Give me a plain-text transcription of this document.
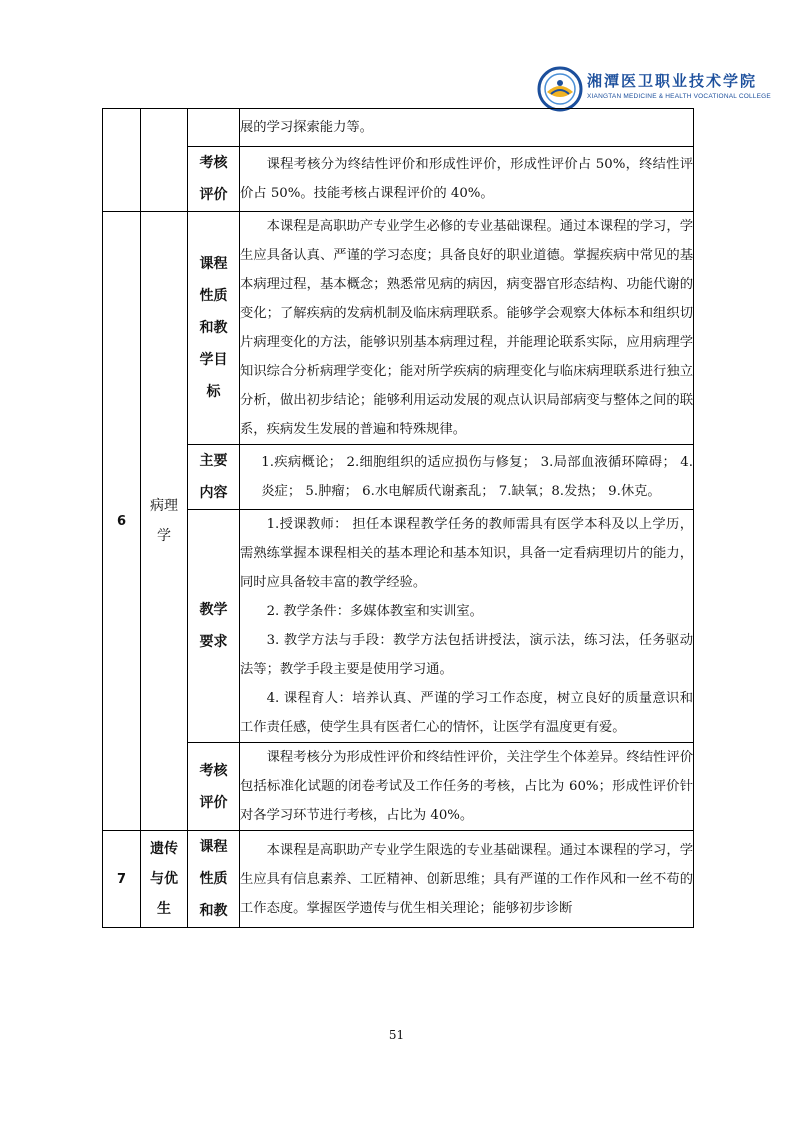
湘潭医卫职业技术学院
XIANGTAN MEDICINE & HEALTH VOCATIONAL COLLEGE

			展的学习探索能力等。

		考核评价	课程考核分为终结性评价和形成性评价，形成性评价占 50%，终结性评价占 50%。技能考核占课程评价的 40%。

6	病理学	课程性质和教学目标	本课程是高职助产专业学生必修的专业基础课程。通过本课程的学习，学生应具备认真、严谨的学习态度；具备良好的职业道德。掌握疾病中常见的基本病理过程，基本概念；熟悉常见病的病因，病变器官形态结构、功能代谢的变化；了解疾病的发病机制及临床病理联系。能够学会观察大体标本和组织切片病理变化的方法，能够识别基本病理过程，并能理论联系实际，应用病理学知识综合分析病理学变化；能对所学疾病的病理变化与临床病理联系进行独立分析，做出初步结论；能够利用运动发展的观点认识局部病变与整体之间的联系，疾病发生发展的普遍和特殊规律。

		主要内容	1.疾病概论； 2.细胞组织的适应损伤与修复； 3.局部血液循环障碍； 4.炎症； 5.肿瘤； 6.水电解质代谢紊乱； 7.缺氧；8.发热； 9.休克。

		教学要求	1.授课教师： 担任本课程教学任务的教师需具有医学本科及以上学历，需熟练掌握本课程相关的基本理论和基本知识，具备一定看病理切片的能力，同时应具备较丰富的教学经验。

2. 教学条件：多媒体教室和实训室。

3. 教学方法与手段：教学方法包括讲授法，演示法，练习法，任务驱动法等；教学手段主要是使用学习通。

4. 课程育人：培养认真、严谨的学习工作态度，树立良好的质量意识和工作责任感，使学生具有医者仁心的情怀，让医学有温度更有爱。

		考核评价	课程考核分为形成性评价和终结性评价，关注学生个体差异。终结性评价包括标准化试题的闭卷考试及工作任务的考核，占比为 60%；形成性评价针对各学习环节进行考核，占比为 40%。

7	遗传与优生	课程性质和教	本课程是高职助产专业学生限选的专业基础课程。通过本课程的学习，学生应具有信息素养、工匠精神、创新思维；具有严谨的工作作风和一丝不苟的工作态度。掌握医学遗传与优生相关理论；能够初步诊断

51
